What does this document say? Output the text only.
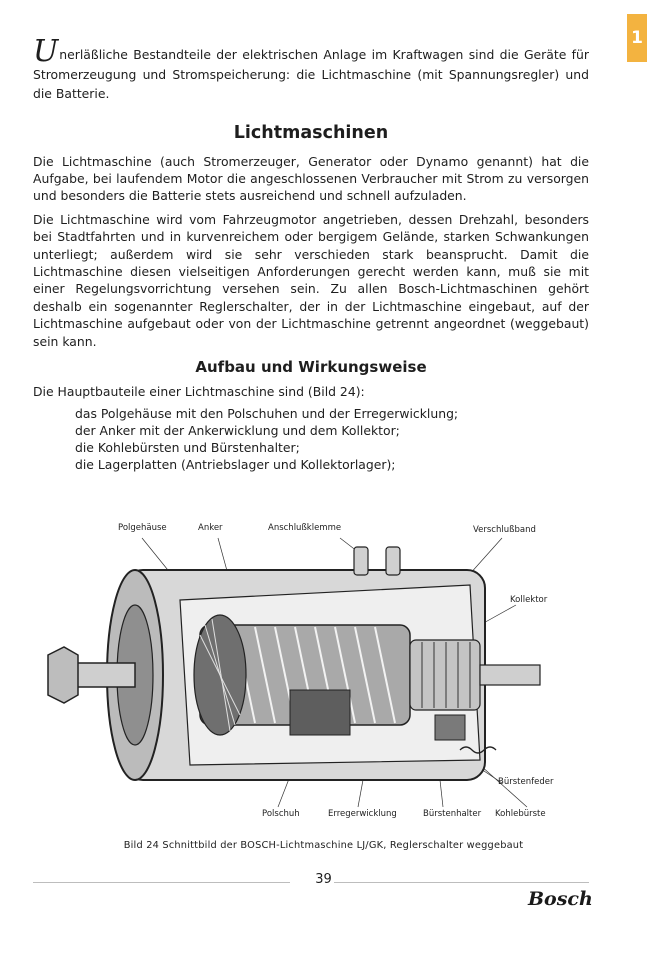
1

Unerläßliche Bestandteile der elektrischen Anlage im Kraftwagen sind die Geräte für Stromerzeugung und Stromspeicherung: die Lichtmaschine (mit Spannungsregler) und die Batterie.

Lichtmaschinen

Die Lichtmaschine (auch Stromerzeuger, Generator oder Dynamo genannt) hat die Aufgabe, bei laufendem Motor die angeschlossenen Verbraucher mit Strom zu versorgen und besonders die Batterie stets ausreichend und schnell aufzuladen.

Die Lichtmaschine wird vom Fahrzeugmotor angetrieben, dessen Drehzahl, besonders bei Stadtfahrten und in kurvenreichem oder bergigem Gelände, starken Schwankungen unterliegt; außerdem wird sie sehr verschieden stark beansprucht. Damit die Lichtmaschine diesen vielseitigen Anforderungen gerecht werden kann, muß sie mit einer Regelungsvorrichtung versehen sein. Zu allen Bosch-Lichtmaschinen gehört deshalb ein sogenannter Reglerschalter, der in der Lichtmaschine eingebaut, auf der Lichtmaschine aufgebaut oder von der Lichtmaschine getrennt angeordnet (weggebaut) sein kann.

Aufbau und Wirkungsweise

Die Hauptbauteile einer Lichtmaschine sind (Bild 24):

das Polgehäuse mit den Polschuhen und der Erregerwicklung;
der Anker mit der Ankerwicklung und dem Kollektor;
die Kohlebürsten und Bürstenhalter;
die Lagerplatten (Antriebslager und Kollektorlager);
Polgehäuse	Anker	Anschlußklemme	Verschlußband
Kollektor
Bürstenfeder
Polschuh	Erregerwicklung	Bürstenhalter Kohlebürste
Bild 24 Schnittbild der BOSCH-Lichtmaschine LJ/GK, Reglerschalter weggebaut
39
Bosch
